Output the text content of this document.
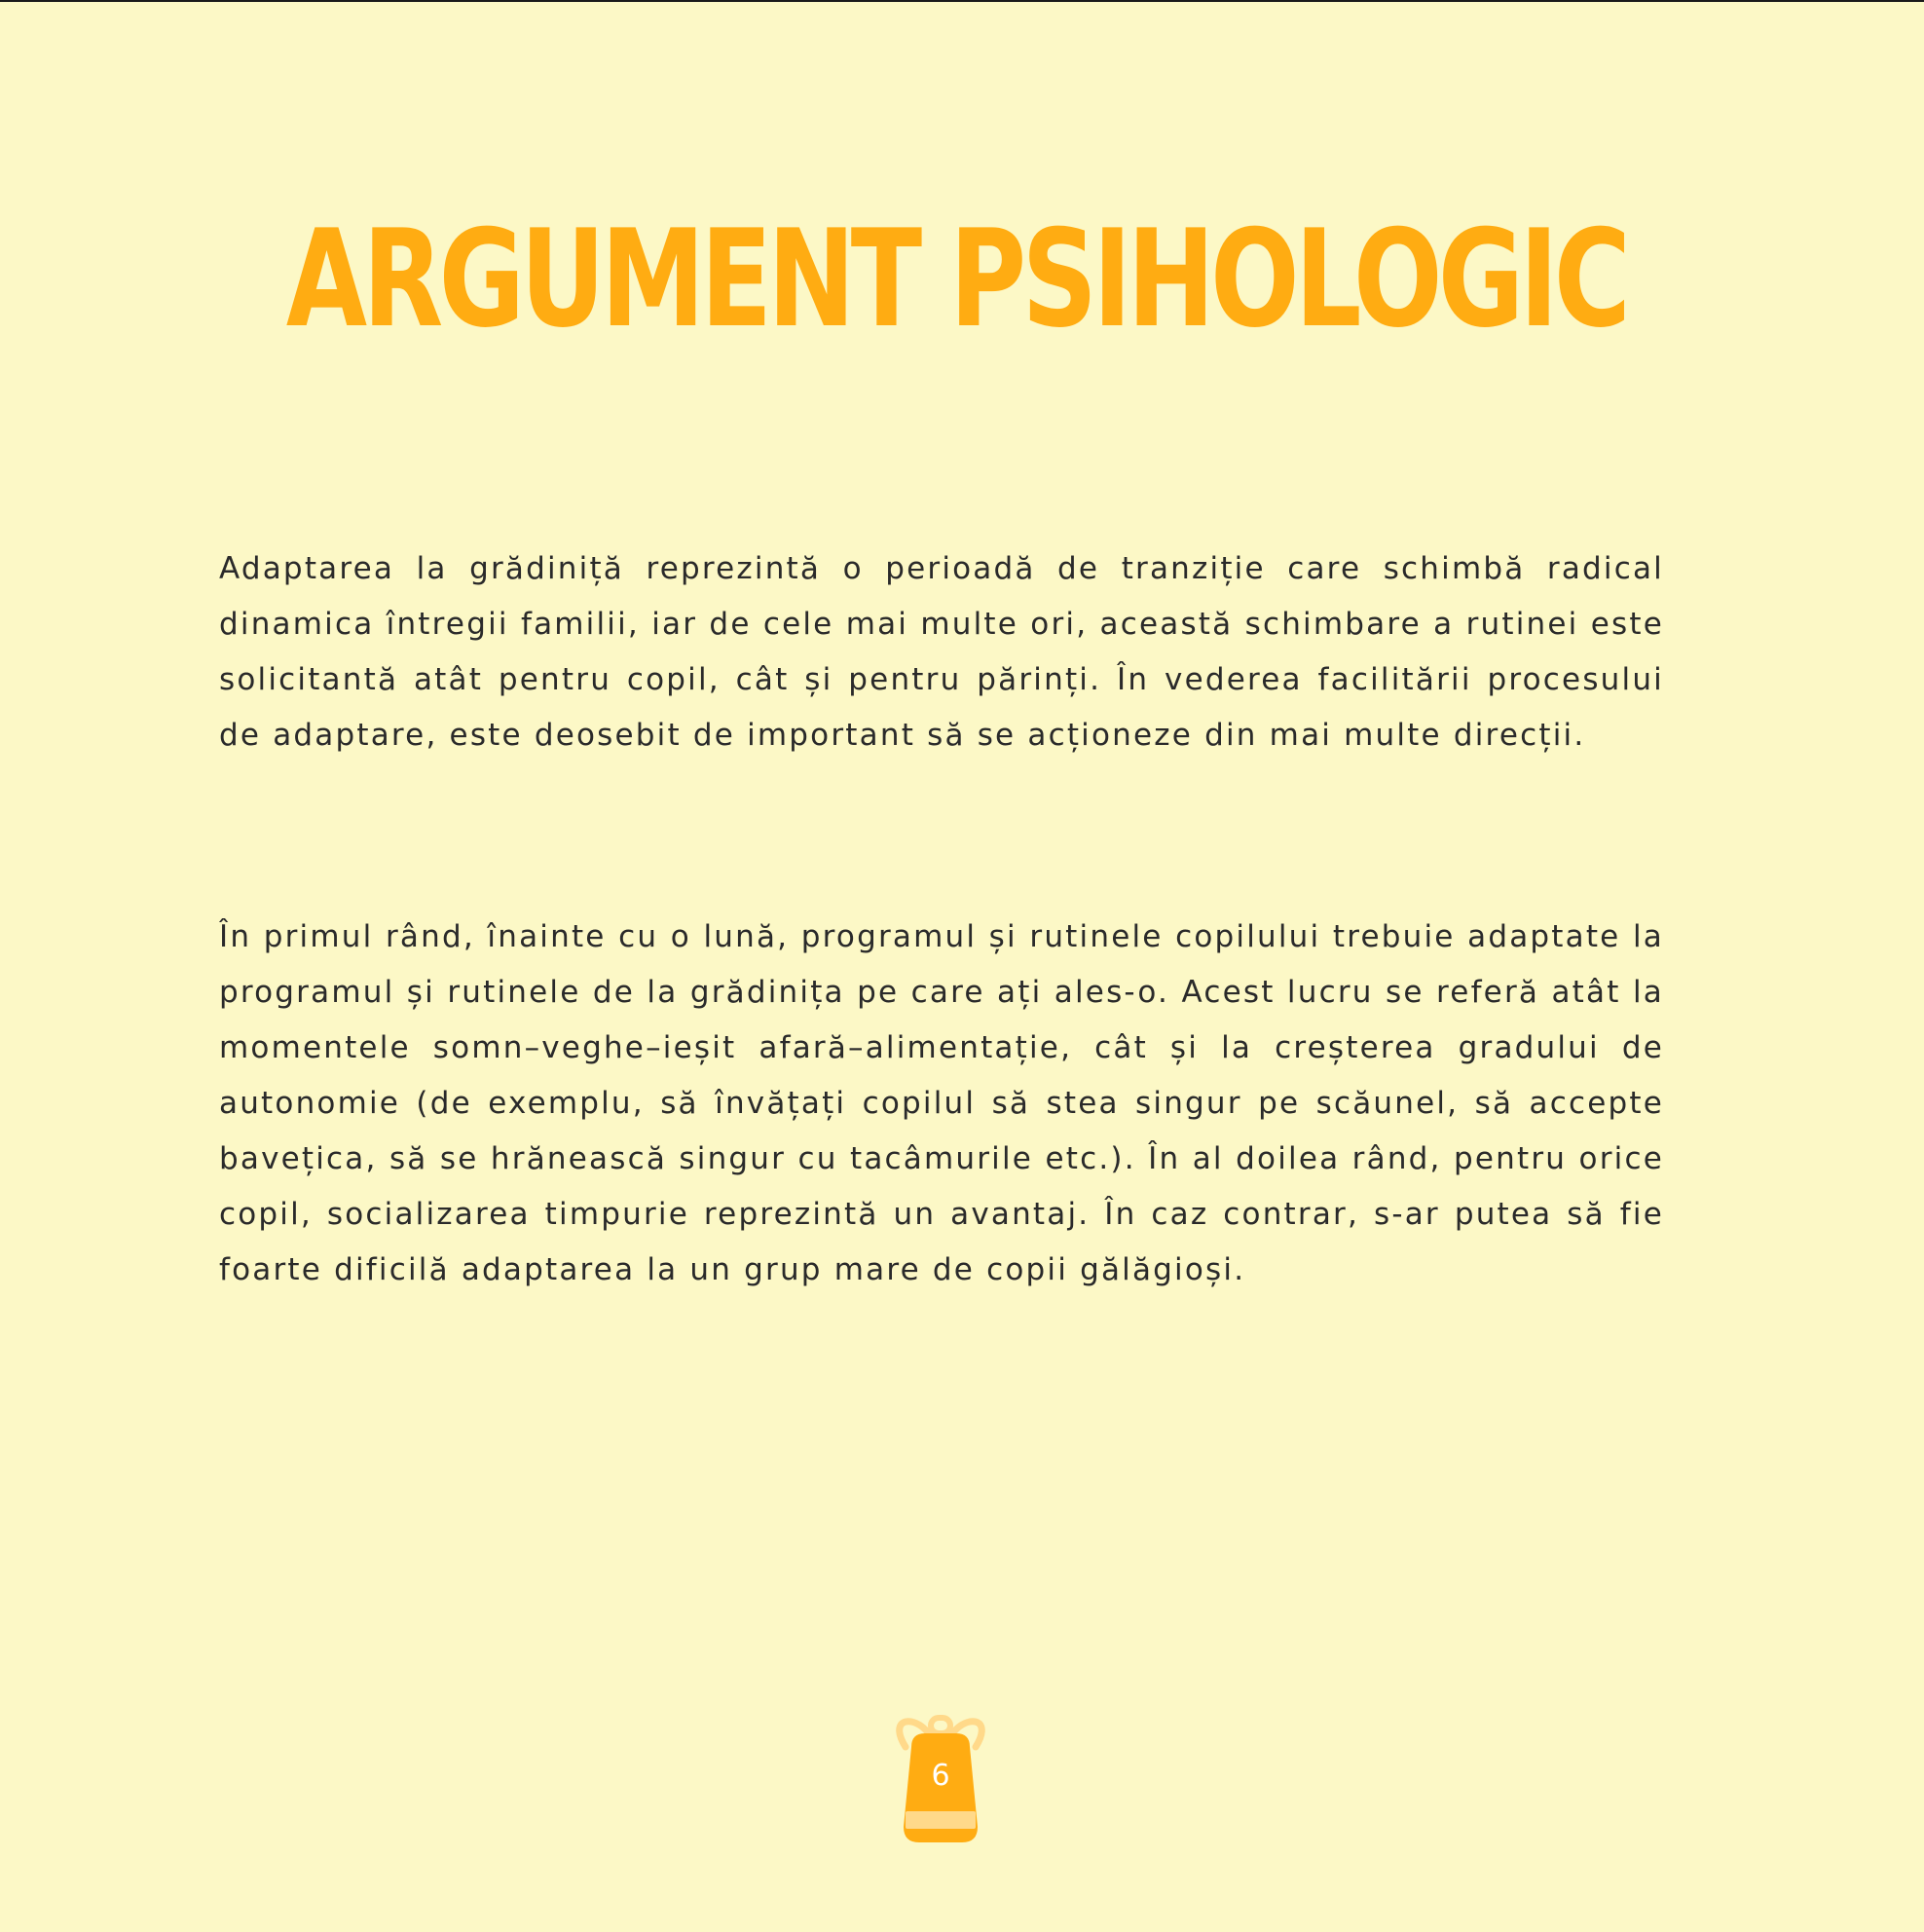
ARGUMENT PSIHOLOGIC

Adaptarea la grădiniță reprezintă o perioadă de tranziție care schimbă radical dinamica întregii familii, iar de cele mai multe ori, această schimbare a rutinei este solicitantă atât pentru copil, cât și pentru părinți. În vederea facilitării procesului de adaptare, este deosebit de important să se acționeze din mai multe direcții.

În primul rând, înainte cu o lună, programul și rutinele copilului trebuie adaptate la programul și rutinele de la grădinița pe care ați ales-o. Acest lucru se referă atât la momentele somn–veghe–ieșit afară–alimentație, cât și la creșterea gradului de autonomie (de exemplu, să învățați copilul să stea singur pe scăunel, să accepte bavețica, să se hrănească singur cu tacâmurile etc.). În al doilea rând, pentru orice copil, socializarea timpurie reprezintă un avantaj. În caz contrar, s-ar putea să fie foarte dificilă adaptarea la un grup mare de copii gălăgioși.

6
